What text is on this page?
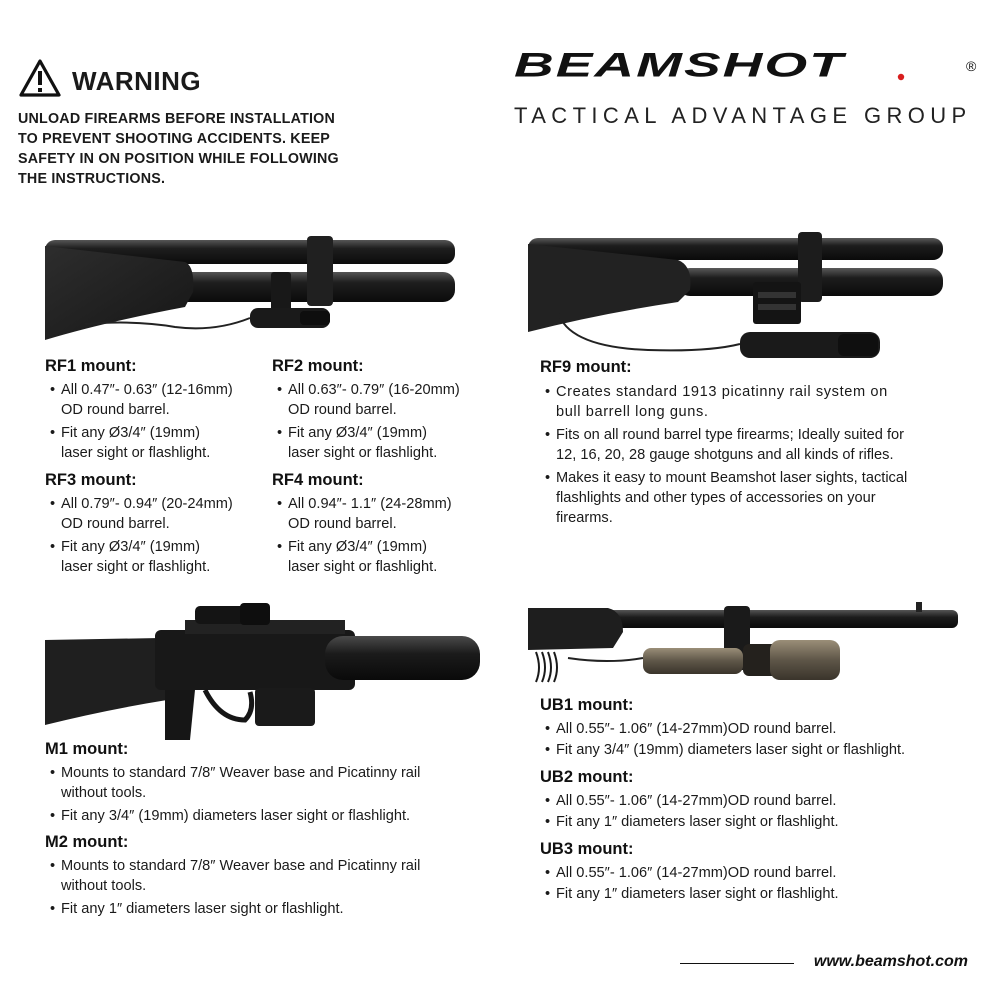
WARNING
UNLOAD FIREARMS BEFORE INSTALLATION
TO PREVENT SHOOTING ACCIDENTS. KEEP
SAFETY IN ON POSITION WHILE FOLLOWING
THE INSTRUCTIONS.
BEAMSHOT	®
TACTICAL ADVANTAGE GROUP
RF1 mount:
• All 0.47″- 0.63″ (12-16mm)
OD round barrel.
• Fit any Ø3/4″ (19mm)
laser sight or flashlight.
RF2 mount:
• All 0.63″- 0.79″ (16-20mm)
OD round barrel.
• Fit any Ø3/4″ (19mm)
laser sight or flashlight.
RF3 mount:
• All 0.79″- 0.94″ (20-24mm)
OD round barrel.
• Fit any Ø3/4″ (19mm)
laser sight or flashlight.
RF4 mount:
• All 0.94″- 1.1″ (24-28mm)
OD round barrel.
• Fit any Ø3/4″ (19mm)
laser sight or flashlight.
RF9 mount:
• Creates standard 1913 picatinny rail system on
bull barrell long guns.
• Fits on all round barrel type firearms; Ideally suited for
12, 16, 20, 28 gauge shotguns and all kinds of rifles.
• Makes it easy to mount Beamshot laser sights, tactical
flashlights and other types of accessories on your
firearms.
M1 mount:
• Mounts to standard 7/8″ Weaver base and Picatinny rail
without tools.
• Fit any 3/4″ (19mm) diameters laser sight or flashlight.
M2 mount:
• Mounts to standard 7/8″ Weaver base and Picatinny rail
without tools.
• Fit any 1″ diameters laser sight or flashlight.
UB1 mount:
• All 0.55″- 1.06″ (14-27mm)OD round barrel.
• Fit any 3/4″ (19mm) diameters laser sight or flashlight.
UB2 mount:
• All 0.55″- 1.06″ (14-27mm)OD round barrel.
• Fit any 1″ diameters laser sight or flashlight.
UB3 mount:
• All 0.55″- 1.06″ (14-27mm)OD round barrel.
• Fit any 1″ diameters laser sight or flashlight.
www.beamshot.com
